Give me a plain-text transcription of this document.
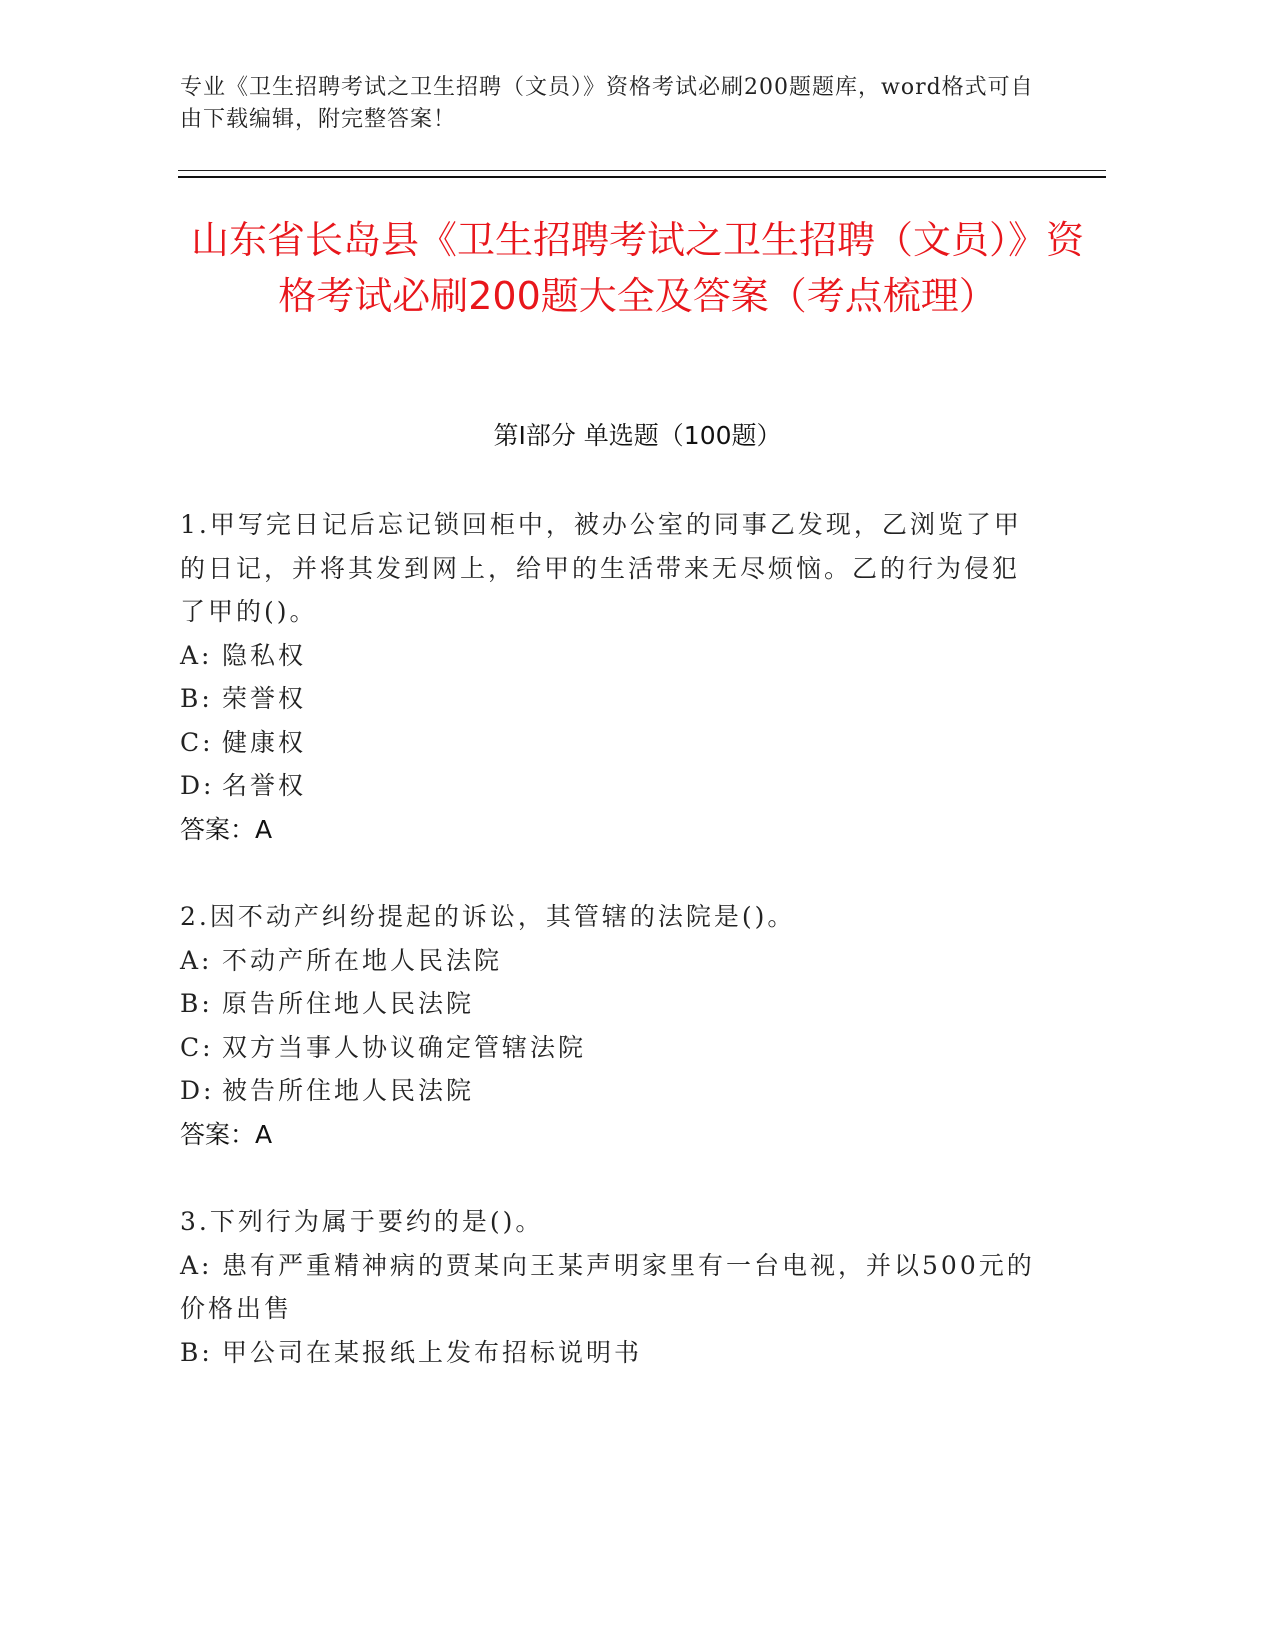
专业《卫生招聘考试之卫生招聘（文员）》资格考试必刷200题题库，word格式可自由下载编辑，附完整答案！
山东省长岛县《卫生招聘考试之卫生招聘（文员）》资格考试必刷200题大全及答案（考点梳理）
第I部分 单选题（100题）
1.甲写完日记后忘记锁回柜中，被办公室的同事乙发现，乙浏览了甲的日记，并将其发到网上，给甲的生活带来无尽烦恼。乙的行为侵犯了甲的()。
A: 隐私权
B: 荣誉权
C: 健康权
D: 名誉权
答案：A
2.因不动产纠纷提起的诉讼，其管辖的法院是()。
A: 不动产所在地人民法院
B: 原告所住地人民法院
C: 双方当事人协议确定管辖法院
D: 被告所住地人民法院
答案：A
3.下列行为属于要约的是()。
A: 患有严重精神病的贾某向王某声明家里有一台电视，并以500元的价格出售
B: 甲公司在某报纸上发布招标说明书
